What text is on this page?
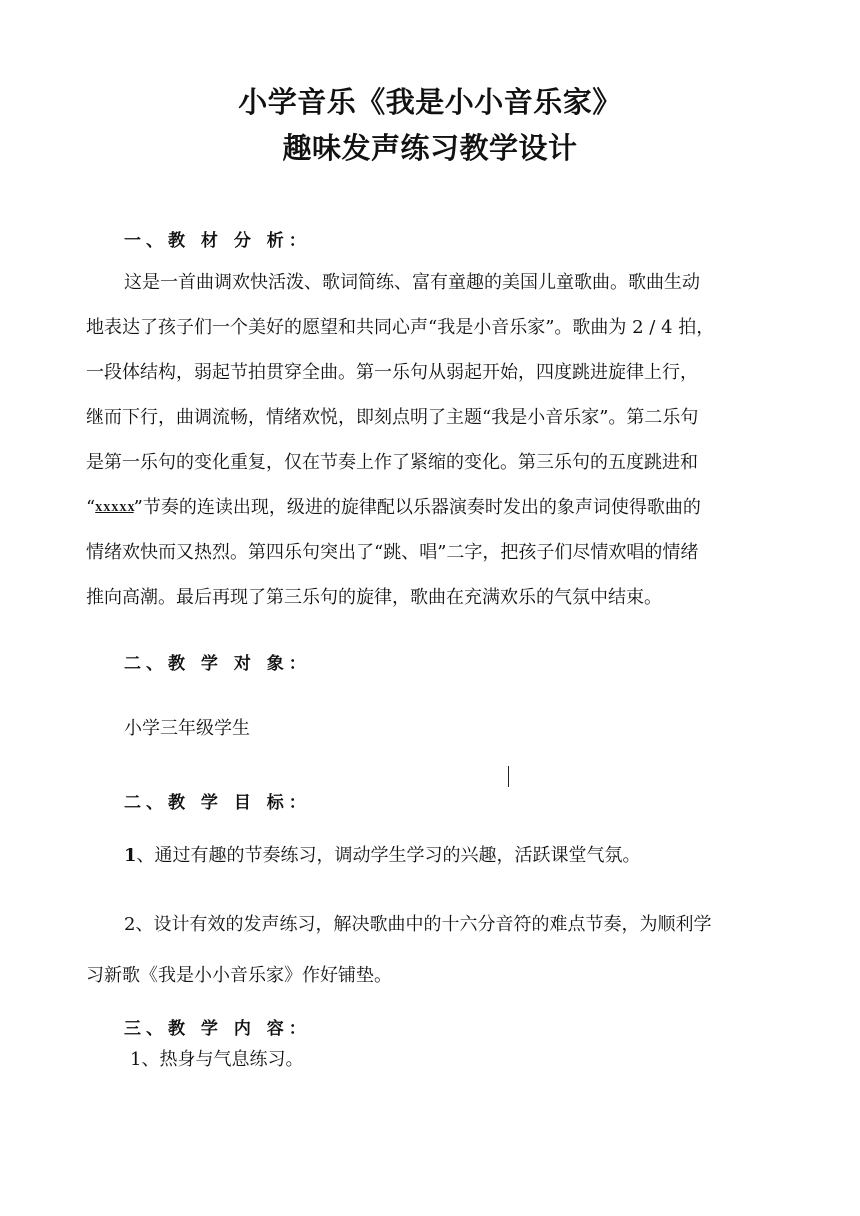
小学音乐《我是小小音乐家》
趣味发声练习教学设计
一、教 材 分 析：
这是一首曲调欢快活泼、歌词简练、富有童趣的美国儿童歌曲。歌曲生动
地表达了孩子们一个美好的愿望和共同心声“我是小音乐家”。歌曲为 2 / 4 拍，
一段体结构，弱起节拍贯穿全曲。第一乐句从弱起开始，四度跳进旋律上行，
继而下行，曲调流畅，情绪欢悦，即刻点明了主题“我是小音乐家”。第二乐句
是第一乐句的变化重复，仅在节奏上作了紧缩的变化。第三乐句的五度跳进和
“X X X X X”节奏的连读出现，级进的旋律配以乐器演奏时发出的象声词使得歌曲的
情绪欢快而又热烈。第四乐句突出了“跳、唱”二字，把孩子们尽情欢唱的情绪
推向高潮。最后再现了第三乐句的旋律，歌曲在充满欢乐的气氛中结束。
二、教 学 对 象：
小学三年级学生
二、教 学 目 标：
1、通过有趣的节奏练习，调动学生学习的兴趣，活跃课堂气氛。
2、设计有效的发声练习，解决歌曲中的十六分音符的难点节奏，为顺利学
习新歌《我是小小音乐家》作好铺垫。
三、教 学 内 容：
1、热身与气息练习。
